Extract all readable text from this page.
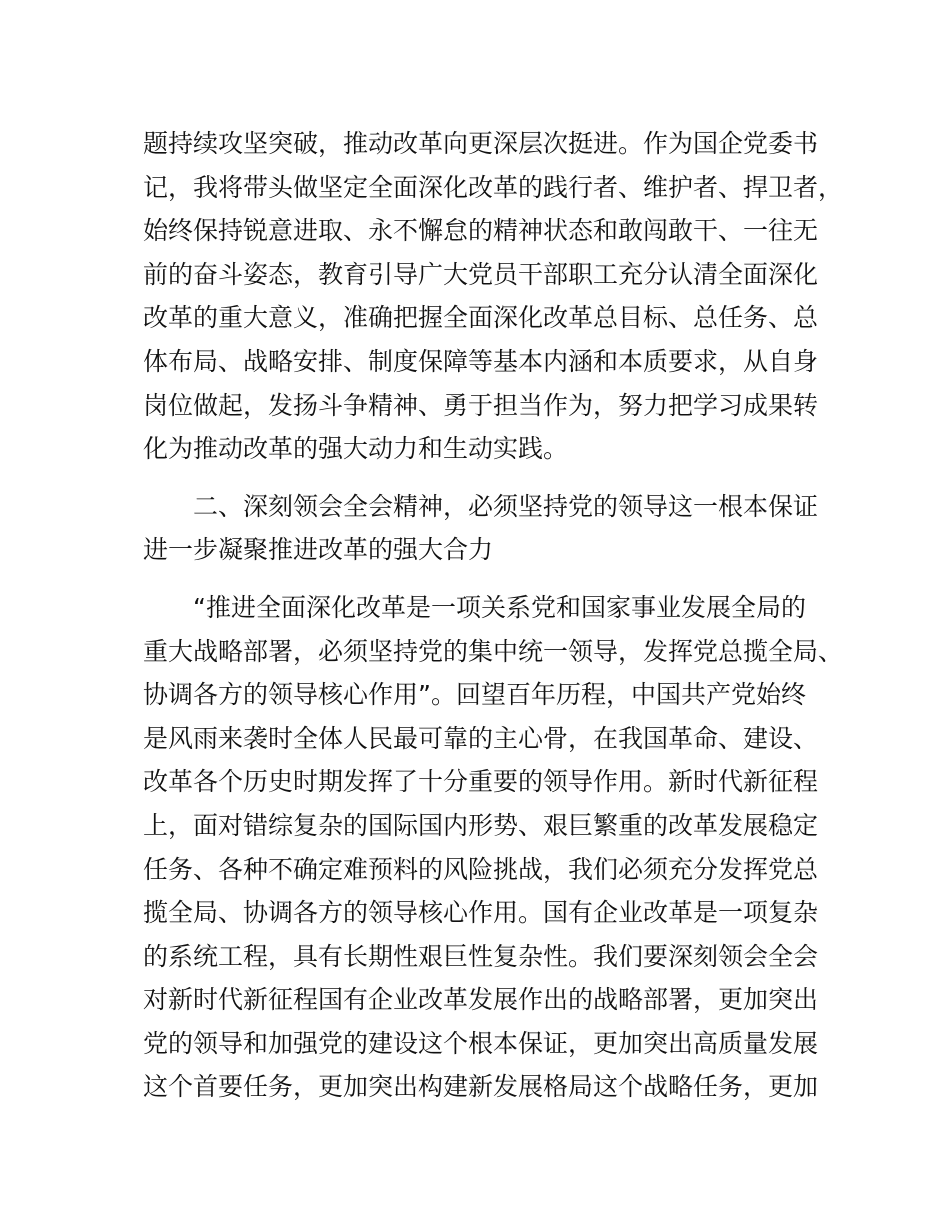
题持续攻坚突破，推动改革向更深层次挺进。作为国企党委书
记，我将带头做坚定全面深化改革的践行者、维护者、捍卫者，
始终保持锐意进取、永不懈怠的精神状态和敢闯敢干、一往无
前的奋斗姿态，教育引导广大党员干部职工充分认清全面深化
改革的重大意义，准确把握全面深化改革总目标、总任务、总
体布局、战略安排、制度保障等基本内涵和本质要求，从自身
岗位做起，发扬斗争精神、勇于担当作为，努力把学习成果转
化为推动改革的强大动力和生动实践。
二、深刻领会全会精神，必须坚持党的领导这一根本保证
进一步凝聚推进改革的强大合力
“推进全面深化改革是一项关系党和国家事业发展全局的
重大战略部署，必须坚持党的集中统一领导，发挥党总揽全局、
协调各方的领导核心作用”。回望百年历程，中国共产党始终
是风雨来袭时全体人民最可靠的主心骨，在我国革命、建设、
改革各个历史时期发挥了十分重要的领导作用。新时代新征程
上，面对错综复杂的国际国内形势、艰巨繁重的改革发展稳定
任务、各种不确定难预料的风险挑战，我们必须充分发挥党总
揽全局、协调各方的领导核心作用。国有企业改革是一项复杂
的系统工程，具有长期性艰巨性复杂性。我们要深刻领会全会
对新时代新征程国有企业改革发展作出的战略部署，更加突出
党的领导和加强党的建设这个根本保证，更加突出高质量发展
这个首要任务，更加突出构建新发展格局这个战略任务，更加
